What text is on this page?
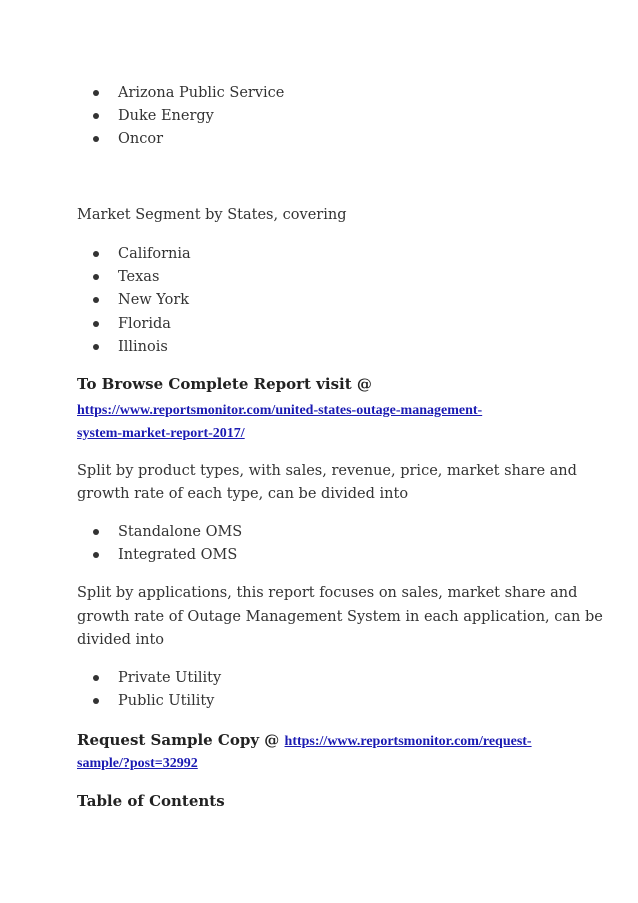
Arizona Public Service
Duke Energy
Oncor
Market Segment by States, covering
California
Texas
New York
Florida
Illinois
To Browse Complete Report visit @
https://www.reportsmonitor.com/united-states-outage-management-
system-market-report-2017/
Split by product types, with sales, revenue, price, market share and
growth rate of each type, can be divided into
Standalone OMS
Integrated OMS
Split by applications, this report focuses on sales, market share and
growth rate of Outage Management System in each application, can be
divided into
Private Utility
Public Utility
Request Sample Copy @ https://www.reportsmonitor.com/request-
sample/?post=32992
Table of Contents
